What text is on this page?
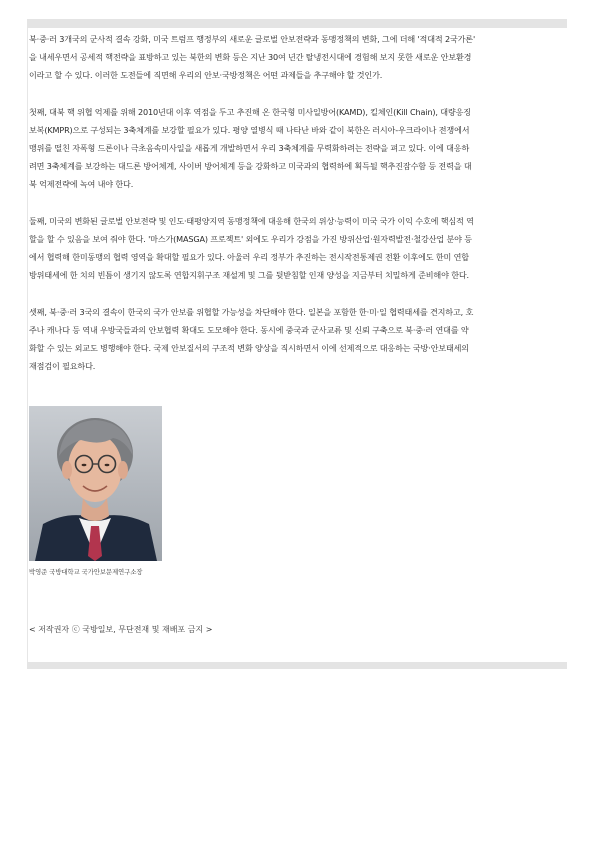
북·중·러 3개국의 군사적 결속 강화, 미국 트럼프 행정부의 새로운 글로벌 안보전략과 동맹정책의 변화, 그에 더해 '적대적 2국가론'
을 내세우면서 공세적 핵전략을 표방하고 있는 북한의 변화 등은 지난 30여 년간 탈냉전시대에 경험해 보지 못한 새로운 안보환경
이라고 할 수 있다. 이러한 도전들에 직면해 우리의 안보·국방정책은 어떤 과제들을 추구해야 할 것인가.

첫째, 대북 핵 위협 억제를 위해 2010년대 이후 역점을 두고 추진해 온 한국형 미사일방어(KAMD), 킬체인(Kill Chain), 대량응징
보복(KMPR)으로 구성되는 3축체계를 보강할 필요가 있다. 평양 열병식 때 나타난 바와 같이 북한은 러시아-우크라이나 전쟁에서
맹위를 떨친 자폭형 드론이나 극초음속미사일을 새롭게 개발하면서 우리 3축체계를 무력화하려는 전략을 펴고 있다. 이에 대응하
려면 3축체계를 보강하는 대드론 방어체계, 사이버 방어체계 등을 강화하고 미국과의 협력하에 획득될 핵추진잠수함 등 전력을 대
북 억제전략에 녹여 내야 한다.

둘째, 미국의 변화된 글로벌 안보전략 및 인도·태평양지역 동맹정책에 대응해 한국의 위상·능력이 미국 국가 이익 수호에 핵심적 역
할을 할 수 있음을 보여 줘야 한다. '마스가(MASGA) 프로젝트' 외에도 우리가 강점을 가진 방위산업·원자력발전·철강산업 분야 등
에서 협력해 한미동맹의 협력 영역을 확대할 필요가 있다. 아울러 우리 정부가 추진하는 전시작전통제권 전환 이후에도 한미 연합
방위태세에 한 치의 빈틈이 생기지 않도록 연합지휘구조 재설계 및 그를 뒷받침할 인재 양성을 지금부터 치밀하게 준비해야 한다.

셋째, 북·중·러 3국의 결속이 한국의 국가 안보를 위협할 가능성을 차단해야 한다. 일본을 포함한 한·미·일 협력태세를 견지하고, 호
주나 캐나다 등 역내 우방국들과의 안보협력 확대도 도모해야 한다. 동시에 중국과 군사교류 및 신뢰 구축으로 북·중·러 연대를 약
화할 수 있는 외교도 병행해야 한다. 국제 안보질서의 구조적 변화 양상을 직시하면서 이에 선제적으로 대응하는 국방·안보태세의
재점검이 필요하다.

박영준 국방대학교 국가안보문제연구소장
< 저작권자 ⓒ 국방일보, 무단전재 및 재배포 금지 >
